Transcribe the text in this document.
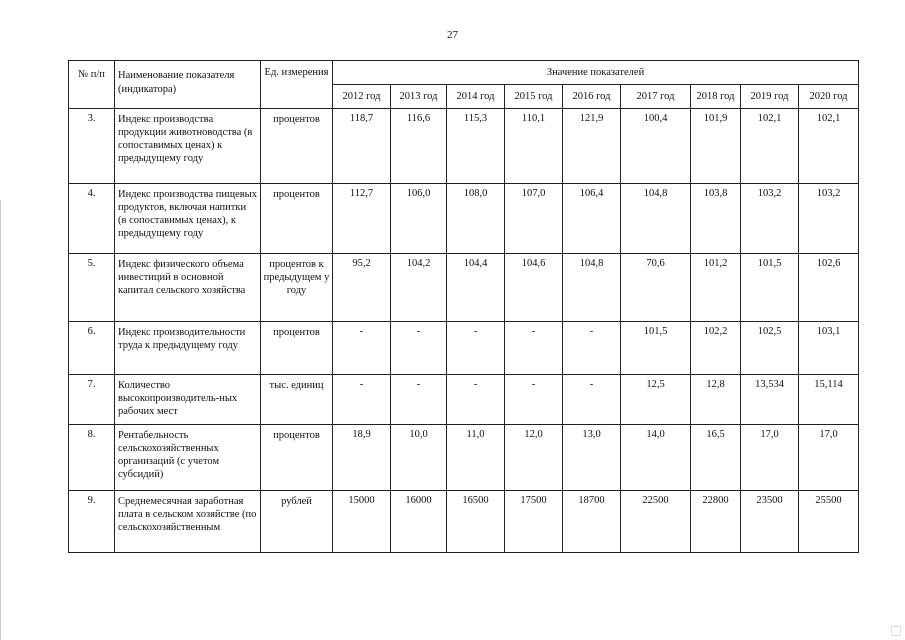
27
№ п/п	Наименование показателя (индикатора)	Ед. измерения	Значение показателей								
			2012 год	2013 год	2014 год	2015 год	2016 год	2017 год	2018 год	2019 год	2020 год
3.	Индекс производства продукции животноводства (в сопоставимых ценах) к предыдущему году	процентов	118,7	116,6	115,3	110,1	121,9	100,4	101,9	102,1	102,1
4.	Индекс производства пищевых продуктов, включая напитки (в сопоставимых ценах), к предыдущему году	процентов	112,7	106,0	108,0	107,0	106,4	104,8	103,8	103,2	103,2
5.	Индекс физического объема инвестиций в основной капитал сельского хозяйства	процентов к предыдущем у году	95,2	104,2	104,4	104,6	104,8	70,6	101,2	101,5	102,6
6.	Индекс производительности труда к предыдущему году	процентов	-	-	-	-	-	101,5	102,2	102,5	103,1
7.	Количество высокопроизводитель-ных рабочих мест	тыс. единиц	-	-	-	-	-	12,5	12,8	13,534	15,114
8.	Рентабельность сельскохозяйственных организаций (с учетом субсидий)	процентов	18,9	10,0	11,0	12,0	13,0	14,0	16,5	17,0	17,0
9.	Среднемесячная заработная плата в сельском хозяйстве (по сельскохозяйственным	рублей	15000	16000	16500	17500	18700	22500	22800	23500	25500
